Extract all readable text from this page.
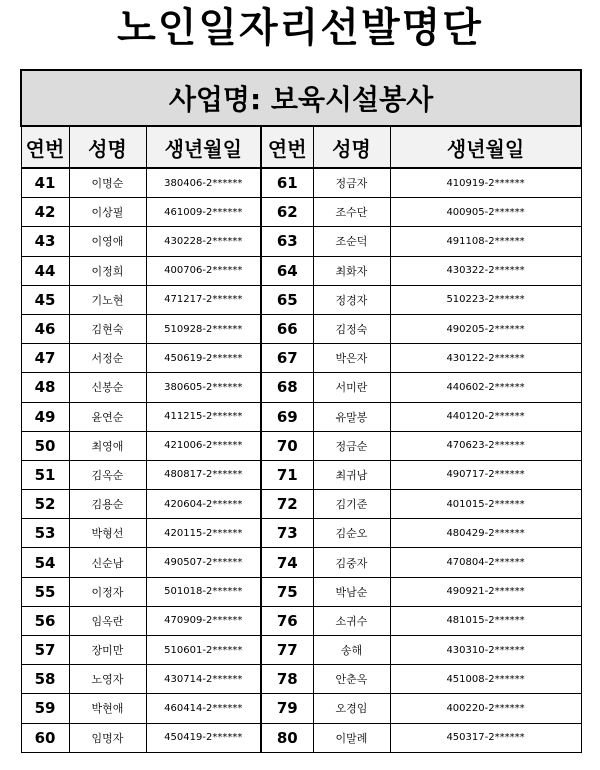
노인일자리선발명단
사업명: 보육시설봉사					
연번	성명	생년월일	연번	성명	생년월일
41	이명순	380406-2******	61	정금자	410919-2******
42	이상필	461009-2******	62	조수단	400905-2******
43	이영애	430228-2******	63	조순덕	491108-2******
44	이정희	400706-2******	64	최화자	430322-2******
45	기노현	471217-2******	65	정경자	510223-2******
46	김현숙	510928-2******	66	김정숙	490205-2******
47	서정순	450619-2******	67	박은자	430122-2******
48	신봉순	380605-2******	68	서미란	440602-2******
49	윤연순	411215-2******	69	유말봉	440120-2******
50	최영애	421006-2******	70	정금순	470623-2******
51	김옥순	480817-2******	71	최귀남	490717-2******
52	김용순	420604-2******	72	김기준	401015-2******
53	박형선	420115-2******	73	김순오	480429-2******
54	신순남	490507-2******	74	김중자	470804-2******
55	이정자	501018-2******	75	박남순	490921-2******
56	임옥란	470909-2******	76	소귀수	481015-2******
57	장미만	510601-2******	77	송해	430310-2******
58	노영자	430714-2******	78	안춘옥	451008-2******
59	박현애	460414-2******	79	오경임	400220-2******
60	임명자	450419-2******	80	이말례	450317-2******
